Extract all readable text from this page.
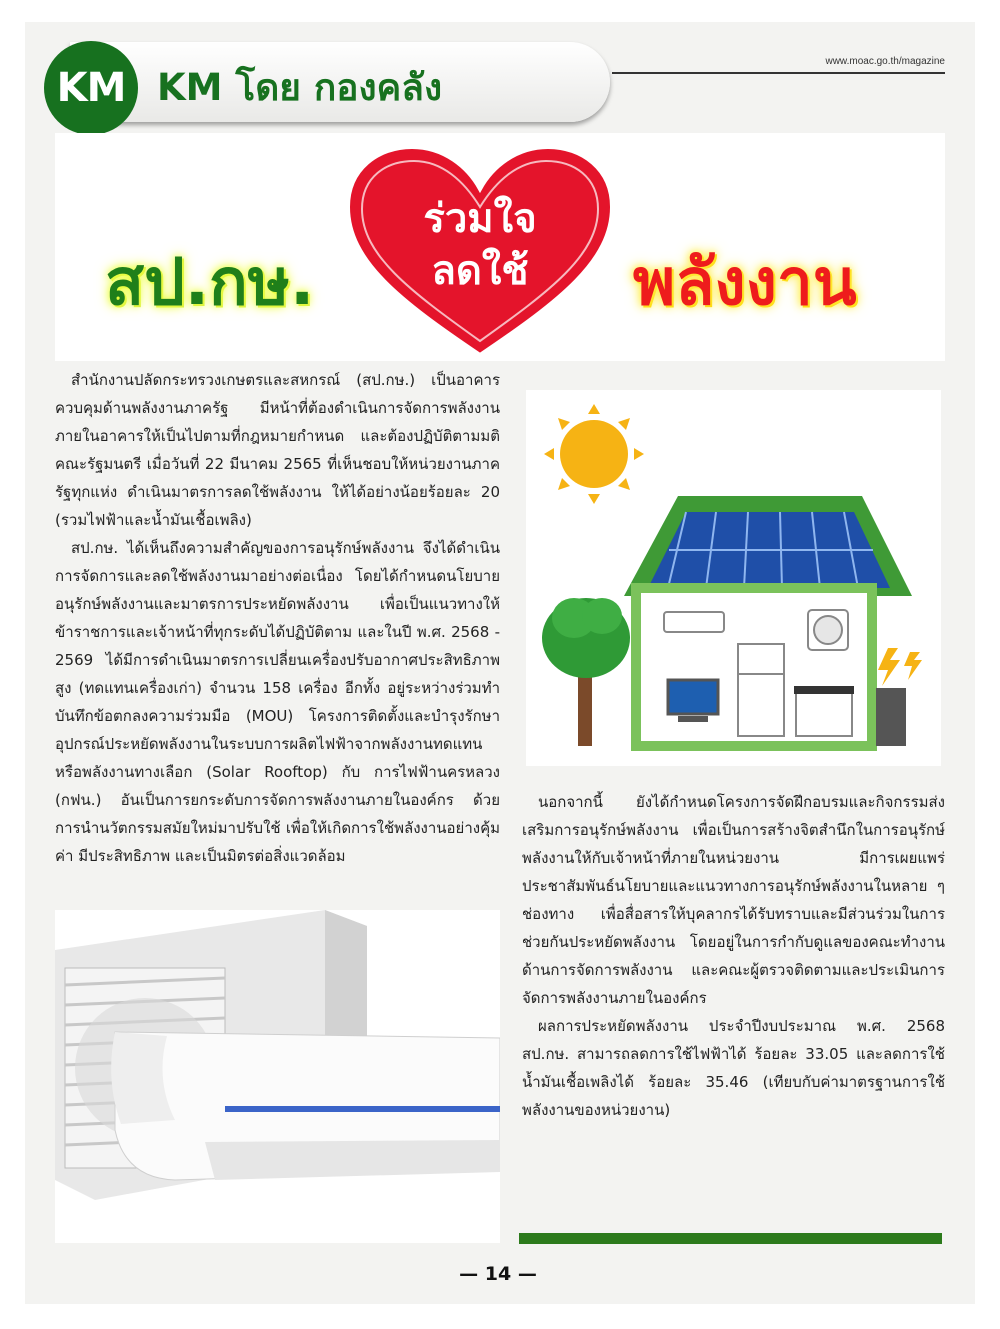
KM KM โดย กองคลัง
www.moac.go.th/magazine
สป.กษ.
ร่วมใจ
ลดใช้	พลังงาน

สำนักงานปลัดกระทรวงเกษตรและสหกรณ์ (สป.กษ.) เป็นอาคารควบคุมด้านพลังงานภาครัฐ มีหน้าที่ต้องดำเนินการจัดการพลังงานภายในอาคารให้เป็นไปตามที่กฎหมายกำหนด และต้องปฏิบัติตามมติคณะรัฐมนตรี เมื่อวันที่ 22 มีนาคม 2565 ที่เห็นชอบให้หน่วยงานภาครัฐทุกแห่ง ดำเนินมาตรการลดใช้พลังงาน ให้ได้อย่างน้อยร้อยละ 20 (รวมไฟฟ้าและน้ำมันเชื้อเพลิง)

สป.กษ. ได้เห็นถึงความสำคัญของการอนุรักษ์พลังงาน จึงได้ดำเนินการจัดการและลดใช้พลังงานมาอย่างต่อเนื่อง โดยได้กำหนดนโยบายอนุรักษ์พลังงานและมาตรการประหยัดพลังงาน เพื่อเป็นแนวทางให้ข้าราชการและเจ้าหน้าที่ทุกระดับได้ปฏิบัติตาม และในปี พ.ศ. 2568 - 2569 ได้มีการดำเนินมาตรการเปลี่ยนเครื่องปรับอากาศประสิทธิภาพสูง (ทดแทนเครื่องเก่า) จำนวน 158 เครื่อง อีกทั้ง อยู่ระหว่างร่วมทำบันทึกข้อตกลงความร่วมมือ (MOU) โครงการติดตั้งและบำรุงรักษาอุปกรณ์ประหยัดพลังงานในระบบการผลิตไฟฟ้าจากพลังงานทดแทนหรือพลังงานทางเลือก (Solar Rooftop) กับ การไฟฟ้านครหลวง (กฟน.) อันเป็นการยกระดับการจัดการพลังงานภายในองค์กร ด้วยการนำนวัตกรรมสมัยใหม่มาปรับใช้ เพื่อให้เกิดการใช้พลังงานอย่างคุ้มค่า มีประสิทธิภาพ และเป็นมิตรต่อสิ่งแวดล้อม

นอกจากนี้ ยังได้กำหนดโครงการจัดฝึกอบรมและกิจกรรมส่งเสริมการอนุรักษ์พลังงาน เพื่อเป็นการสร้างจิตสำนึกในการอนุรักษ์พลังงานให้กับเจ้าหน้าที่ภายในหน่วยงาน มีการเผยแพร่ประชาสัมพันธ์นโยบายและแนวทางการอนุรักษ์พลังงานในหลาย ๆ ช่องทาง เพื่อสื่อสารให้บุคลากรได้รับทราบและมีส่วนร่วมในการช่วยกันประหยัดพลังงาน โดยอยู่ในการกำกับดูแลของคณะทำงานด้านการจัดการพลังงาน และคณะผู้ตรวจติดตามและประเมินการจัดการพลังงานภายในองค์กร

ผลการประหยัดพลังงาน ประจำปีงบประมาณ พ.ศ. 2568 สป.กษ. สามารถลดการใช้ไฟฟ้าได้ ร้อยละ 33.05 และลดการใช้น้ำมันเชื้อเพลิงได้ ร้อยละ 35.46 (เทียบกับค่ามาตรฐานการใช้พลังงานของหน่วยงาน)

— 14 —
